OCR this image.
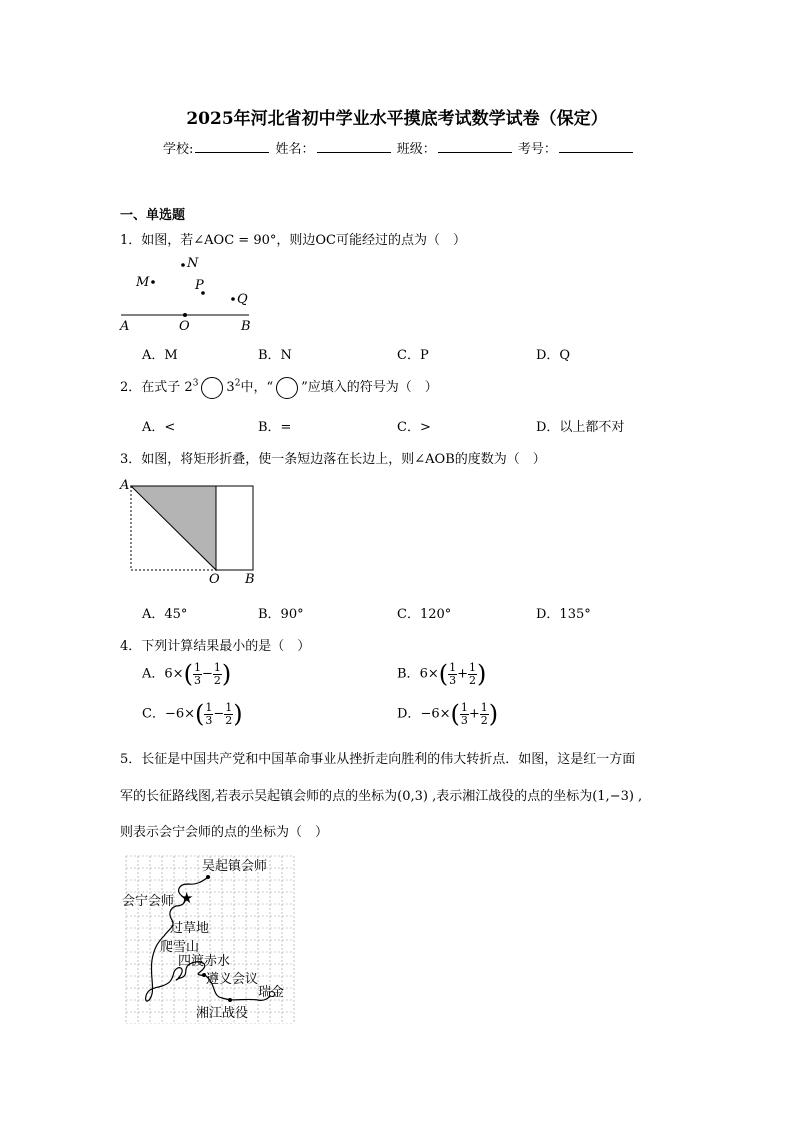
2025年河北省初中学业水平摸底考试数学试卷（保定）
学校:	姓名：	班级：	考号：
一、单选题
1．如图，若∠AOC = 90°，则边OC可能经过的点为（　）
N
M	P
Q
A	O	B
A．M	B．N	C．P	D．Q
2．在式子 $2^3$ $3^2$中，“ ”应填入的符号为（　）
A．<	B．=	C．>	D．以上都不对
3．如图，将矩形折叠，使一条短边落在长边上，则∠AOB的度数为（　）
A
O B
A．45°	B．90°	C．120°	D．135°
4．下列计算结果最小的是（　）
A．$6\times( \frac{1}{3} - \frac{1}{2}$ )	B．$6\times( \frac{1}{3} + \frac{1}{2}$ )
C．$-6\times( \frac{1}{3} - \frac{1}{2}$ )	D．$-6\times( \frac{1}{3} + \frac{1}{2}$ )
5．长征是中国共产党和中国革命事业从挫折走向胜利的伟大转折点．如图，这是红一方面
军的长征路线图,若表示吴起镇会师的点的坐标为(0,3) ,表示湘江战役的点的坐标为(1,−3) ,
则表示会宁会师的点的坐标为（　）
★
吴起镇会师
会宁会师
过草地
爬雪山
四渡赤水
遵义会议
瑞金
湘江战役
